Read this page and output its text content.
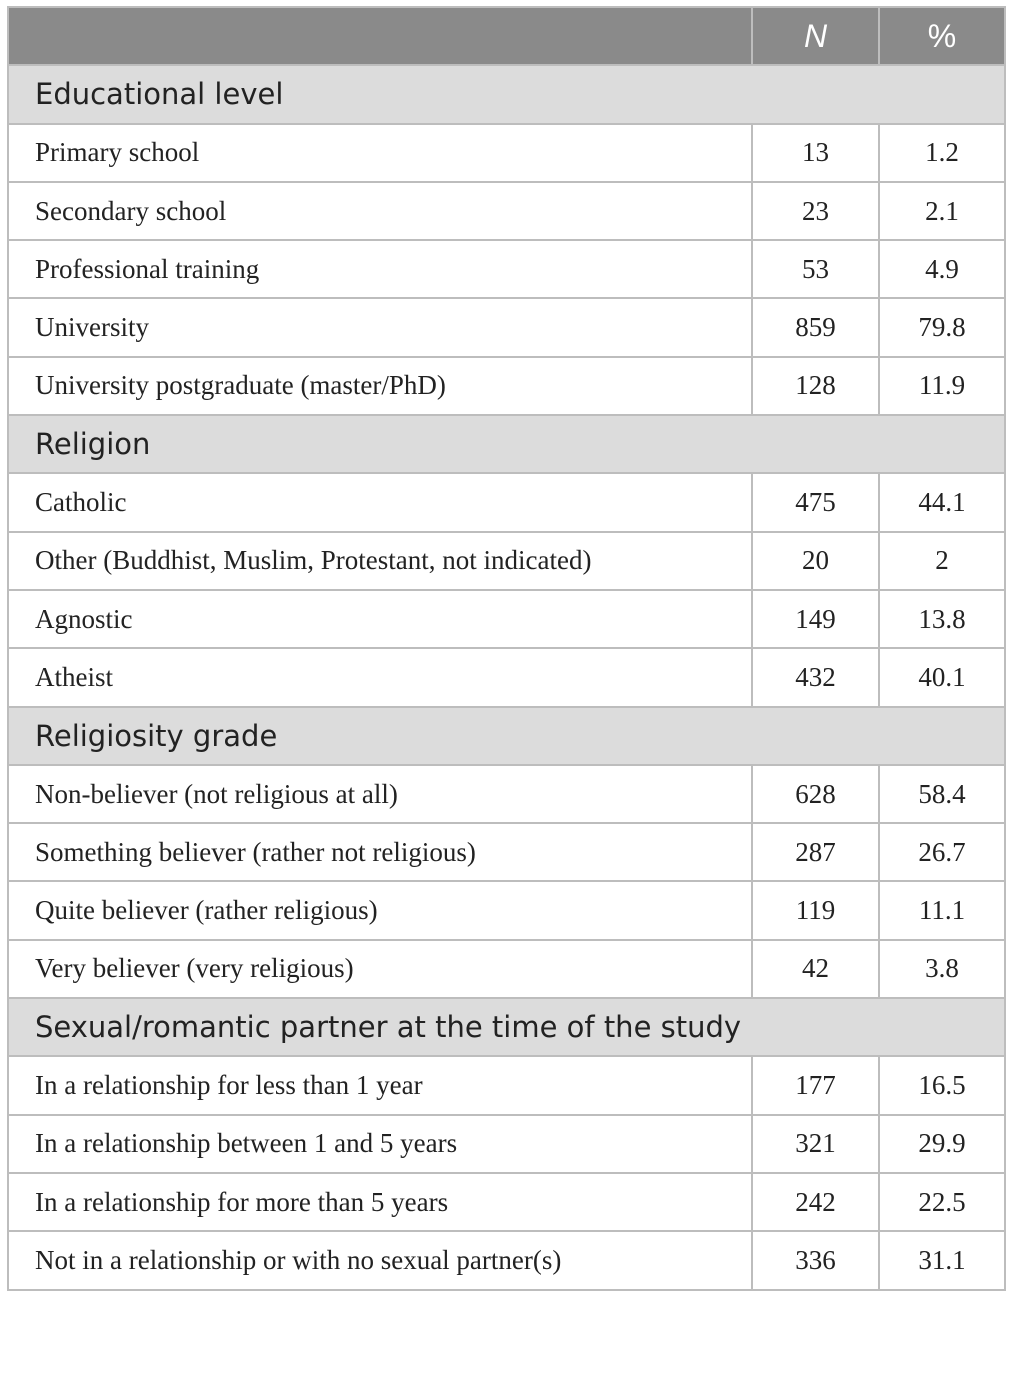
	N	%
Educational level		
Primary school	13	1.2
Secondary school	23	2.1
Professional training	53	4.9
University	859	79.8
University postgraduate (master/PhD)	128	11.9
Religion		
Catholic	475	44.1
Other (Buddhist, Muslim, Protestant, not indicated)	20	2
Agnostic	149	13.8
Atheist	432	40.1
Religiosity grade		
Non-believer (not religious at all)	628	58.4
Something believer (rather not religious)	287	26.7
Quite believer (rather religious)	119	11.1
Very believer (very religious)	42	3.8
Sexual/romantic partner at the time of the study		
In a relationship for less than 1 year	177	16.5
In a relationship between 1 and 5 years	321	29.9
In a relationship for more than 5 years	242	22.5
Not in a relationship or with no sexual partner(s)	336	31.1
